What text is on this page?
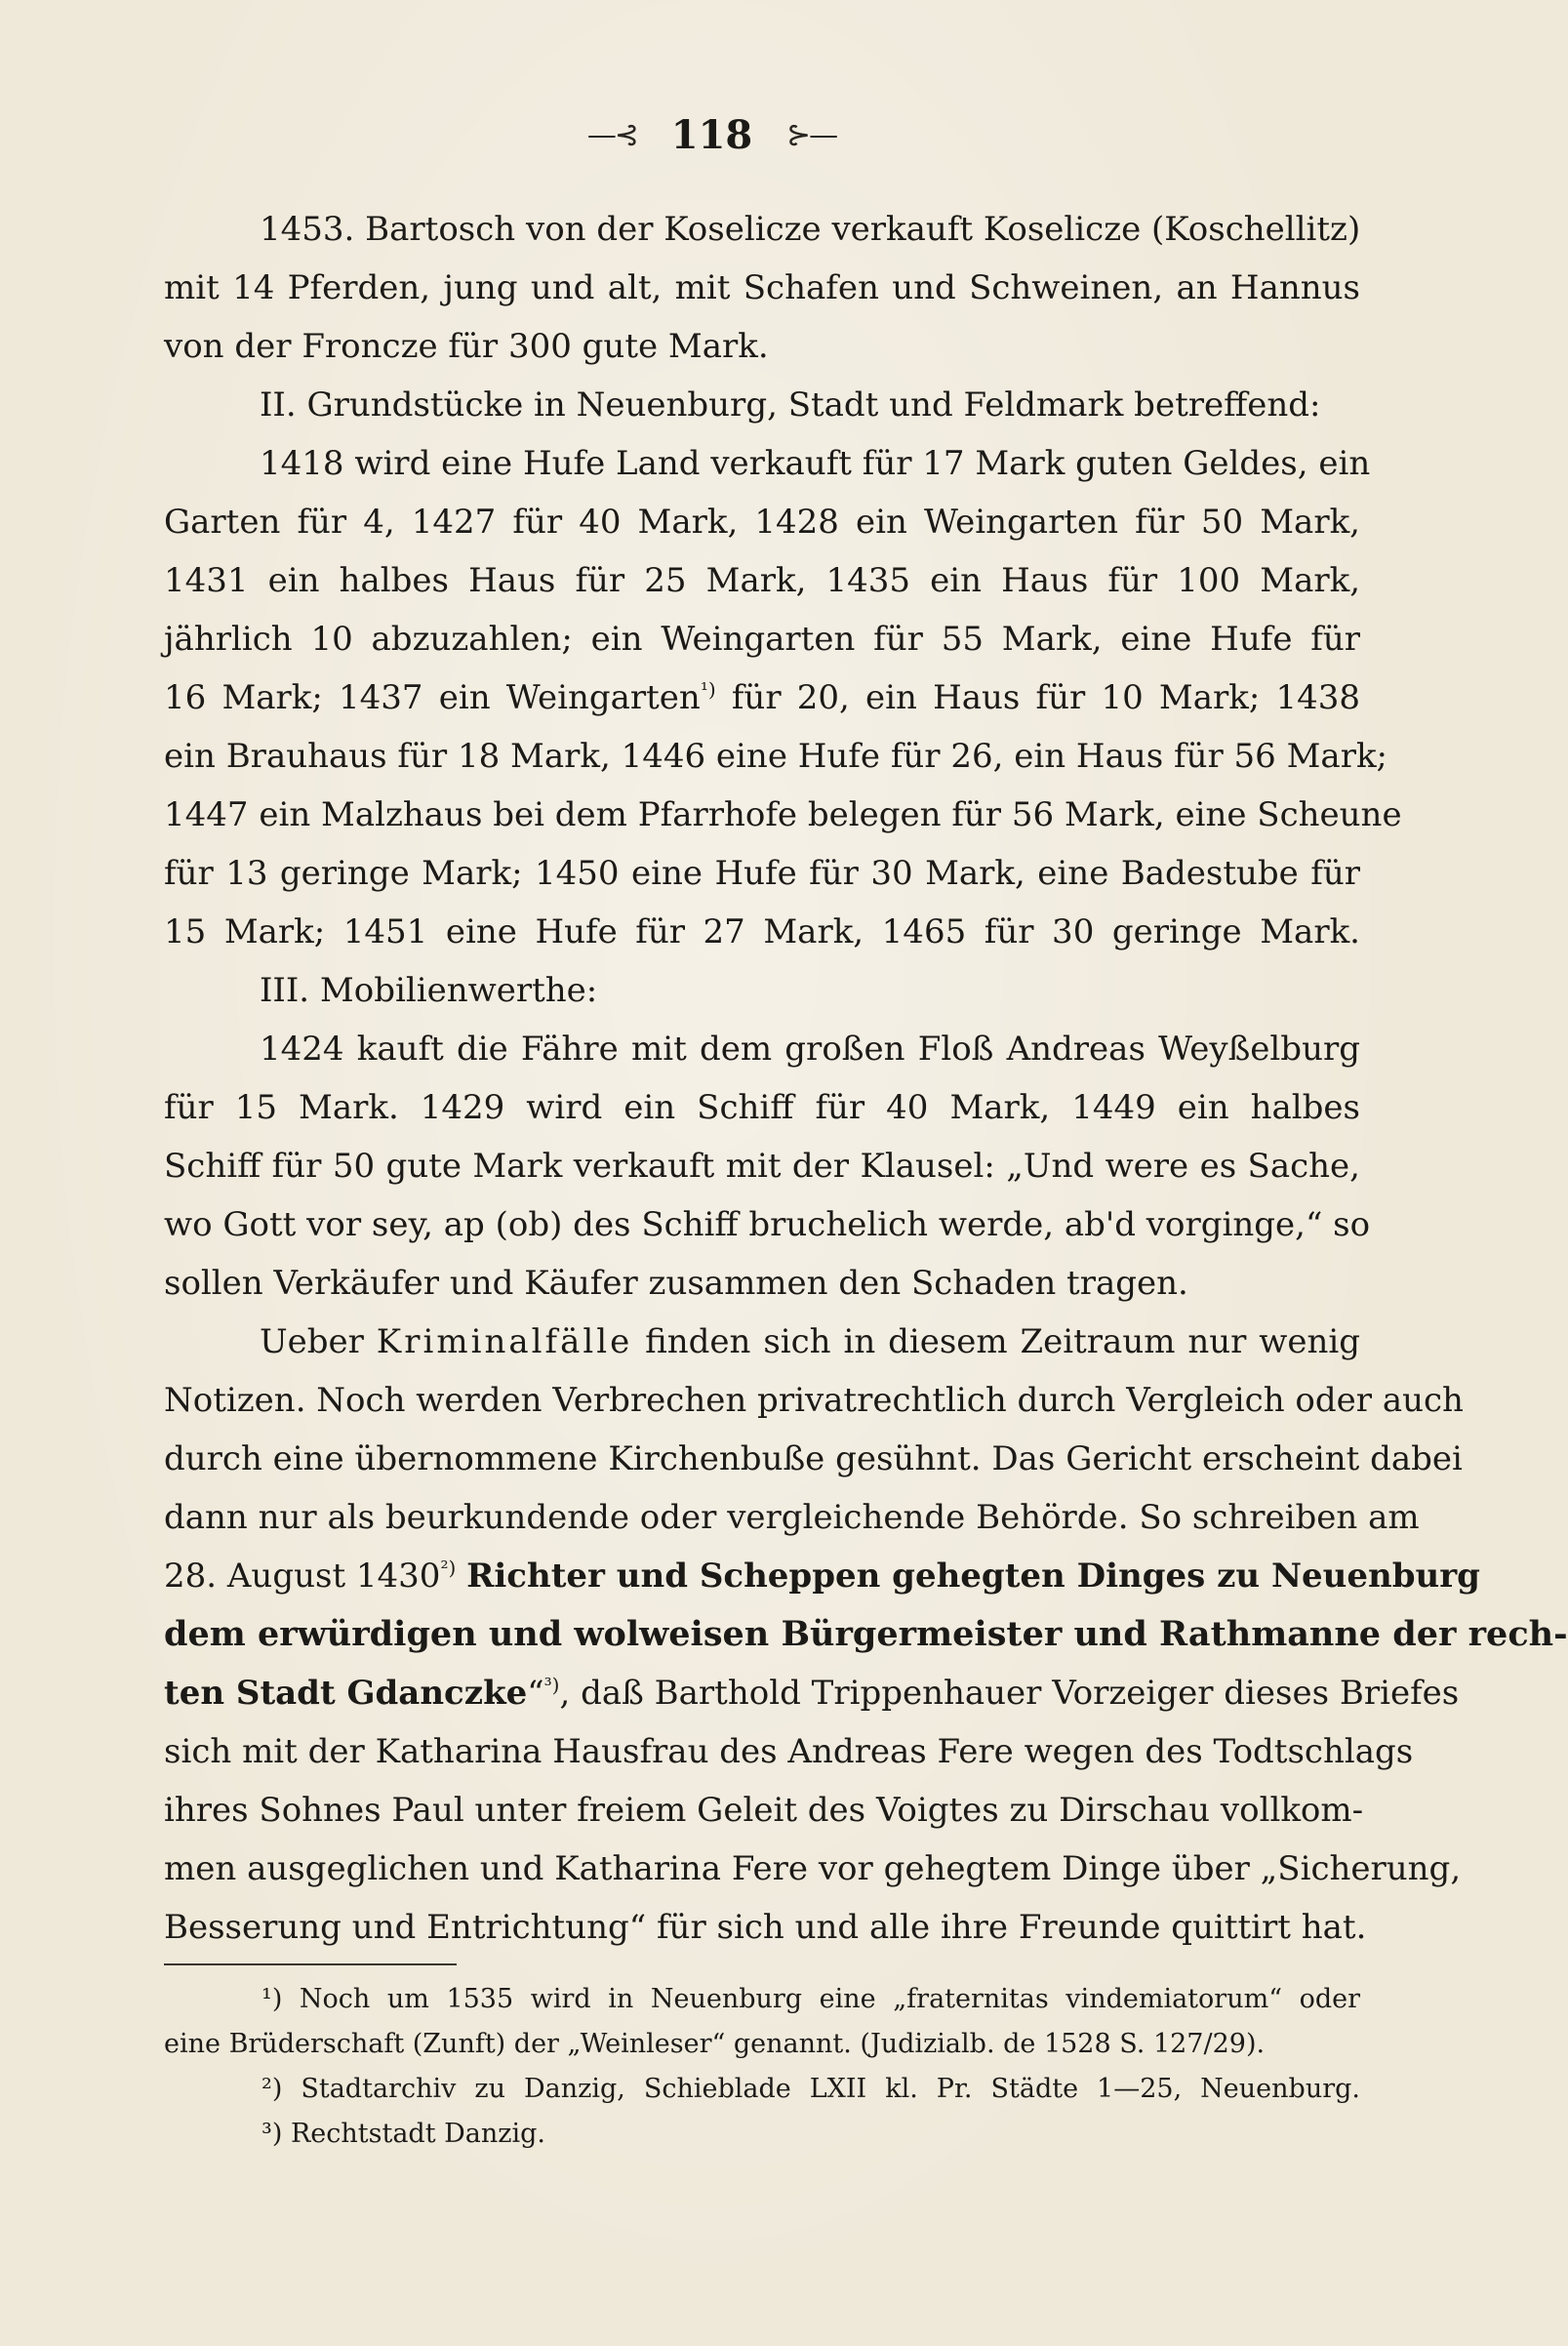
—⊰ 118 ⊱—
1453. Bartosch von der Koselicze verkauft Koselicze (Koschellitz)
mit 14 Pferden, jung und alt, mit Schafen und Schweinen, an Hannus
von der Froncze für 300 gute Mark.
II. Grundstücke in Neuenburg, Stadt und Feldmark betreffend:
1418 wird eine Hufe Land verkauft für 17 Mark guten Geldes, ein
Garten für 4, 1427 für 40 Mark, 1428 ein Weingarten für 50 Mark,
1431 ein halbes Haus für 25 Mark, 1435 ein Haus für 100 Mark,
jährlich 10 abzuzahlen; ein Weingarten für 55 Mark, eine Hufe für
16 Mark; 1437 ein Weingarten$^{^1)}$ für 20, ein Haus für 10 Mark; 1438
ein Brauhaus für 18 Mark, 1446 eine Hufe für 26, ein Haus für 56 Mark;
1447 ein Malzhaus bei dem Pfarrhofe belegen für 56 Mark, eine Scheune
für 13 geringe Mark; 1450 eine Hufe für 30 Mark, eine Badestube für
15 Mark; 1451 eine Hufe für 27 Mark, 1465 für 30 geringe Mark.
III. Mobilienwerthe:
1424 kauft die Fähre mit dem großen Floß Andreas Weyßelburg
für 15 Mark. 1429 wird ein Schiff für 40 Mark, 1449 ein halbes
Schiff für 50 gute Mark verkauft mit der Klausel: „Und were es Sache,
wo Gott vor sey, ap (ob) des Schiff bruchelich werde, ab'd vorginge,“ so
sollen Verkäufer und Käufer zusammen den Schaden tragen.
Ueber Kriminalfälle finden sich in diesem Zeitraum nur wenig
Notizen. Noch werden Verbrechen privatrechtlich durch Vergleich oder auch
durch eine übernommene Kirchenbuße gesühnt. Das Gericht erscheint dabei
dann nur als beurkundende oder vergleichende Behörde. So schreiben am
28. August $1430^{^2)}$ Richter und Scheppen gehegten Dinges zu Neuenburg
dem erwürdigen und wolweisen Bürgermeister und Rathmanne der rech-
ten Stadt Gdanczke“$^{^3)}$, daß Barthold Trippenhauer Vorzeiger dieses Briefes
sich mit der Katharina Hausfrau des Andreas Fere wegen des Todtschlags
ihres Sohnes Paul unter freiem Geleit des Voigtes zu Dirschau vollkom-
men ausgeglichen und Katharina Fere vor gehegtem Dinge über „Sicherung,
Besserung und Entrichtung“ für sich und alle ihre Freunde quittirt hat.
¹) Noch um 1535 wird in Neuenburg eine „fraternitas vindemiatorum“ oder
eine Brüderschaft (Zunft) der „Weinleser“ genannt. (Judizialb. de 1528 S. 127/29).
²) Stadtarchiv zu Danzig, Schieblade LXII kl. Pr. Städte 1—25, Neuenburg.
³) Rechtstadt Danzig.
